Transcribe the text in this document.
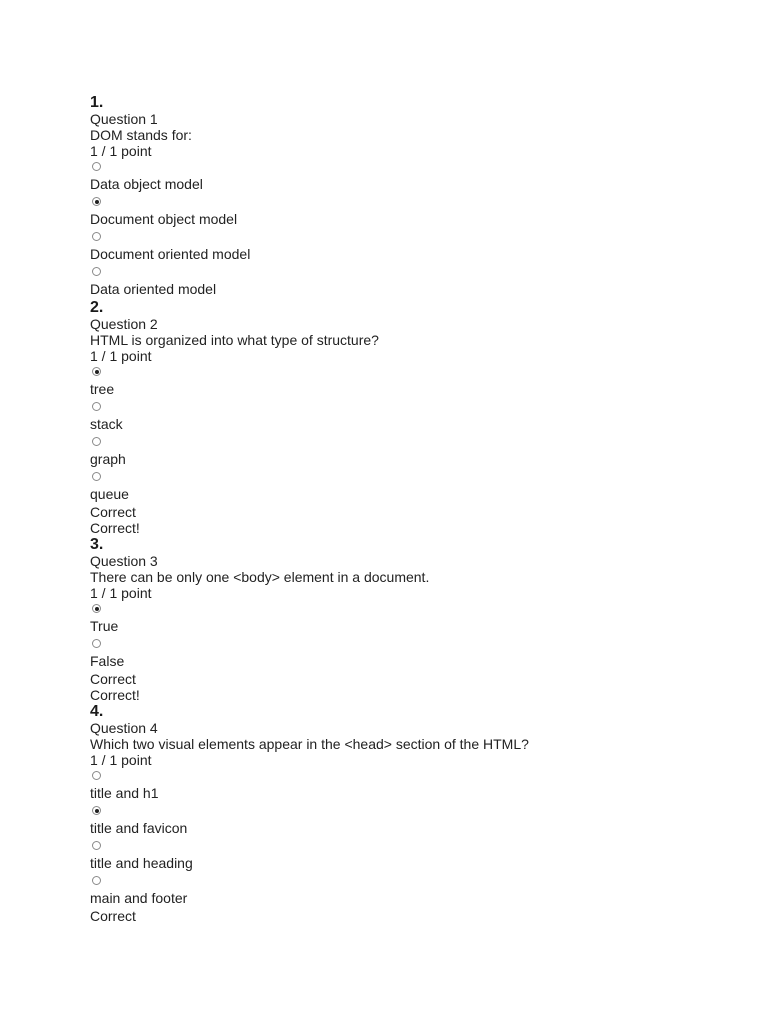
1.
Question 1
DOM stands for:
1 / 1 point
Data object model
Document object model
Document oriented model
Data oriented model
2.
Question 2
HTML is organized into what type of structure?
1 / 1 point
tree
stack
graph
queue
Correct
Correct!
3.
Question 3
There can be only one <body> element in a document.
1 / 1 point
True
False
Correct
Correct!
4.
Question 4
Which two visual elements appear in the <head> section of the HTML?
1 / 1 point
title and h1
title and favicon
title and heading
main and footer
Correct
